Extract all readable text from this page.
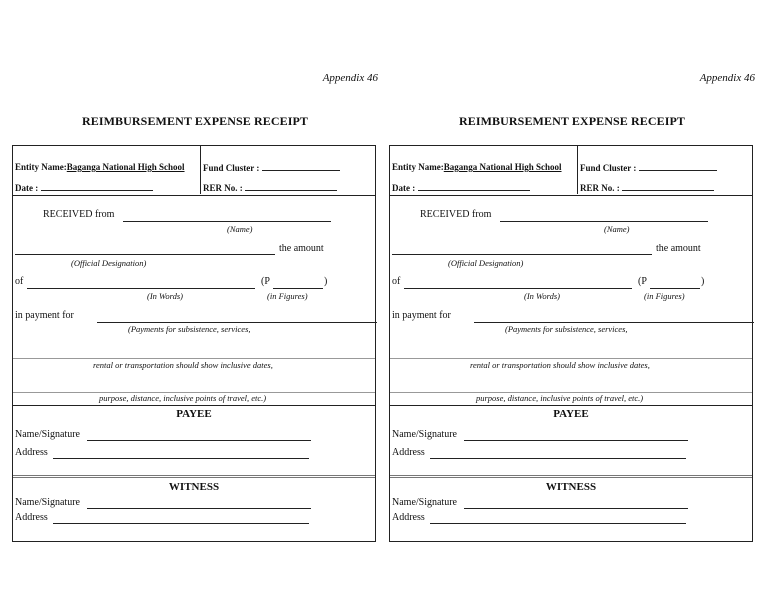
Appendix 46
REIMBURSEMENT EXPENSE RECEIPT
Entity Name:Baganga National High School Fund Cluster :
Date :	RER No. :
RECEIVED from
(Name)
the amount
(Official Designation)
of	(P	)
(In Words)	(in Figures)
in payment for
(Payments for subsistence, services,
rental or transportation should show inclusive dates,
purpose, distance, inclusive points of travel, etc.)
PAYEE
Name/Signature
Address
WITNESS
Name/Signature
Address
Appendix 46
REIMBURSEMENT EXPENSE RECEIPT
Entity Name:Baganga National High School Fund Cluster :
Date :	RER No. :
RECEIVED from
(Name)
the amount
(Official Designation)
of	(P	)
(In Words)	(in Figures)
in payment for
(Payments for subsistence, services,
rental or transportation should show inclusive dates,
purpose, distance, inclusive points of travel, etc.)
PAYEE
Name/Signature
Address
WITNESS
Name/Signature
Address
